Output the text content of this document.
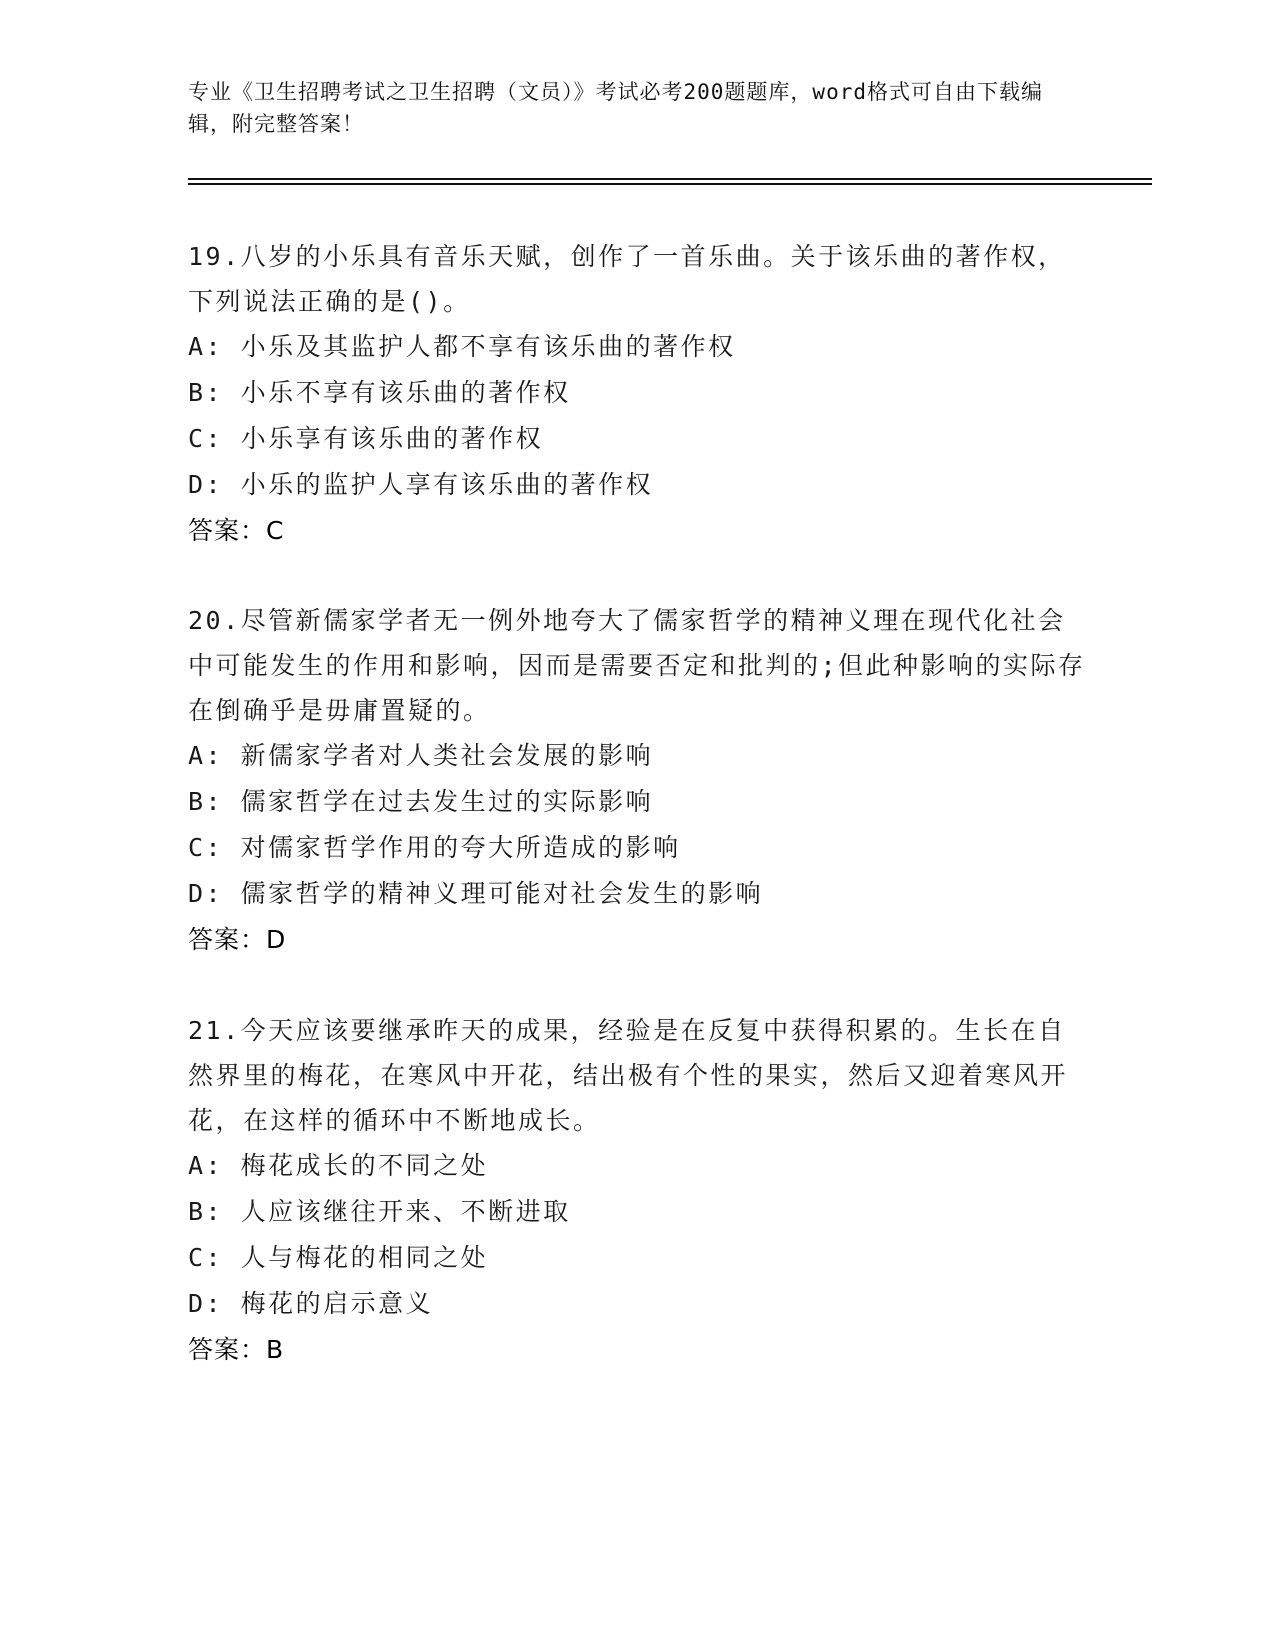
专业《卫生招聘考试之卫生招聘（文员）》考试必考200题题库，word格式可自由下载编辑，附完整答案！

19.八岁的小乐具有音乐天赋，创作了一首乐曲。关于该乐曲的著作权，下列说法正确的是()。

A: 小乐及其监护人都不享有该乐曲的著作权

B: 小乐不享有该乐曲的著作权

C: 小乐享有该乐曲的著作权

D: 小乐的监护人享有该乐曲的著作权

答案：C

20.尽管新儒家学者无一例外地夸大了儒家哲学的精神义理在现代化社会中可能发生的作用和影响，因而是需要否定和批判的;但此种影响的实际存在倒确乎是毋庸置疑的。

A: 新儒家学者对人类社会发展的影响

B: 儒家哲学在过去发生过的实际影响

C: 对儒家哲学作用的夸大所造成的影响

D: 儒家哲学的精神义理可能对社会发生的影响

答案：D

21.今天应该要继承昨天的成果，经验是在反复中获得积累的。生长在自然界里的梅花，在寒风中开花，结出极有个性的果实，然后又迎着寒风开花，在这样的循环中不断地成长。

A: 梅花成长的不同之处

B: 人应该继往开来、不断进取

C: 人与梅花的相同之处

D: 梅花的启示意义

答案：B
